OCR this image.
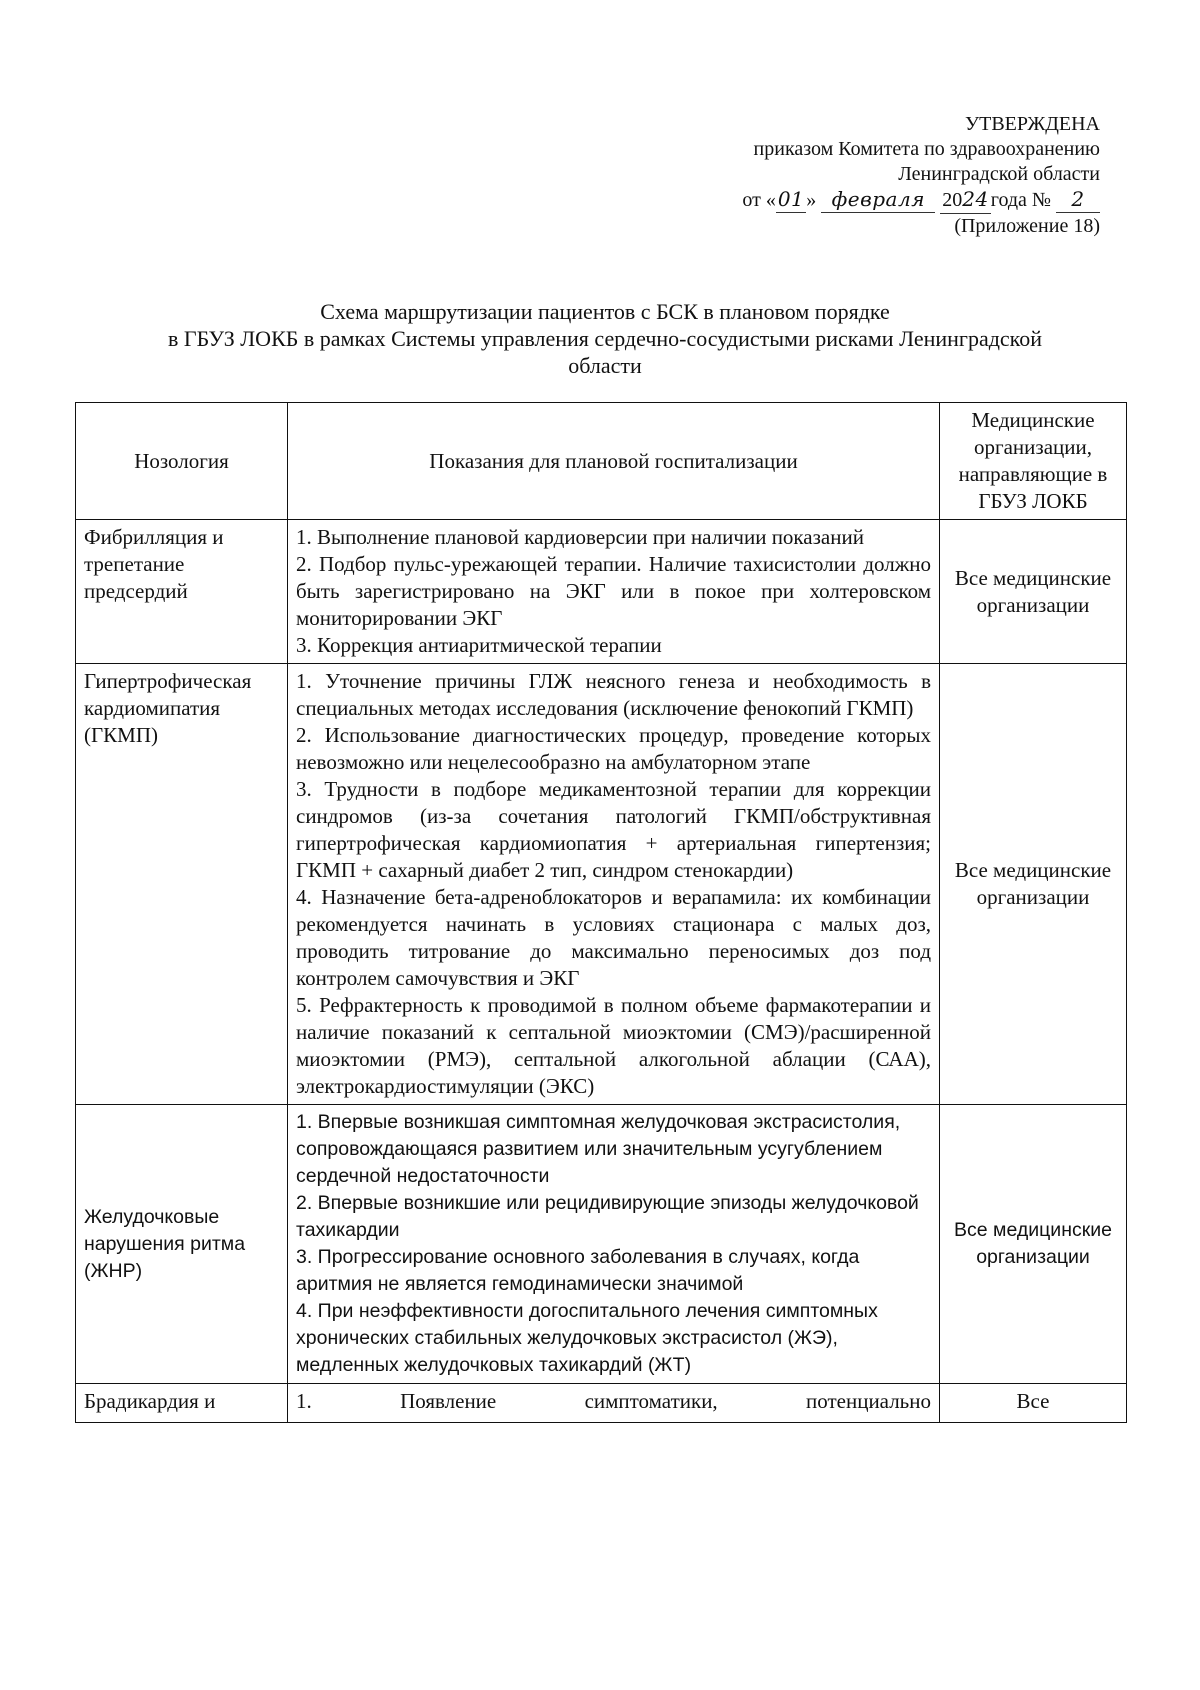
УТВЕРЖДЕНА
приказом Комитета по здравоохранению
Ленинградской области
от « 01 » февраля 2024 года № 2
(Приложение 18)
Схема маршрутизации пациентов с БСК в плановом порядке
в ГБУЗ ЛОКБ в рамках Системы управления сердечно-сосудистыми рисками Ленинградской
области
Нозология	Показания для плановой госпитализации	Медицинские организации, направляющие в ГБУЗ ЛОКБ
Фибрилляция и трепетание предсердий	1. Выполнение плановой кардиоверсии при наличии показаний
2. Подбор пульс-урежающей терапии. Наличие тахисистолии должно быть зарегистрировано на ЭКГ или в покое при холтеровском мониторировании ЭКГ
3. Коррекция антиаритмической терапии	Все медицинские организации
Гипертрофическая кардиомипатия (ГКМП)	1. Уточнение причины ГЛЖ неясного генеза и необходимость в специальных методах исследования (исключение фенокопий ГКМП)
2. Использование диагностических процедур, проведение которых невозможно или нецелесообразно на амбулаторном этапе
3. Трудности в подборе медикаментозной терапии для коррекции синдромов (из-за сочетания патологий ГКМП/обструктивная гипертрофическая кардиомиопатия + артериальная гипертензия; ГКМП + сахарный диабет 2 тип, синдром стенокардии)
4. Назначение бета-адреноблокаторов и верапамила: их комбинации рекомендуется начинать в условиях стационара с малых доз, проводить титрование до максимально переносимых доз под контролем самочувствия и ЭКГ
5. Рефрактерность к проводимой в полном объеме фармакотерапии и наличие показаний к септальной миоэктомии (СМЭ)/расширенной миоэктомии (РМЭ), септальной алкогольной аблации (САА), электрокардиостимуляции (ЭКС)	Все медицинские организации
Желудочковые нарушения ритма (ЖНР)	1. Впервые возникшая симптомная желудочковая экстрасистолия, сопровождающаяся развитием или значительным усугублением сердечной недостаточности
2. Впервые возникшие или рецидивирующие эпизоды желудочковой тахикардии
3. Прогрессирование основного заболевания в случаях, когда аритмия не является гемодинамически значимой
4. При неэффективности догоспитального лечения симптомных хронических стабильных желудочковых экстрасистол (ЖЭ), медленных желудочковых тахикардий (ЖТ)	Все медицинские организации
Брадикардия и	1. Появление симптоматики, потенциально	Все
